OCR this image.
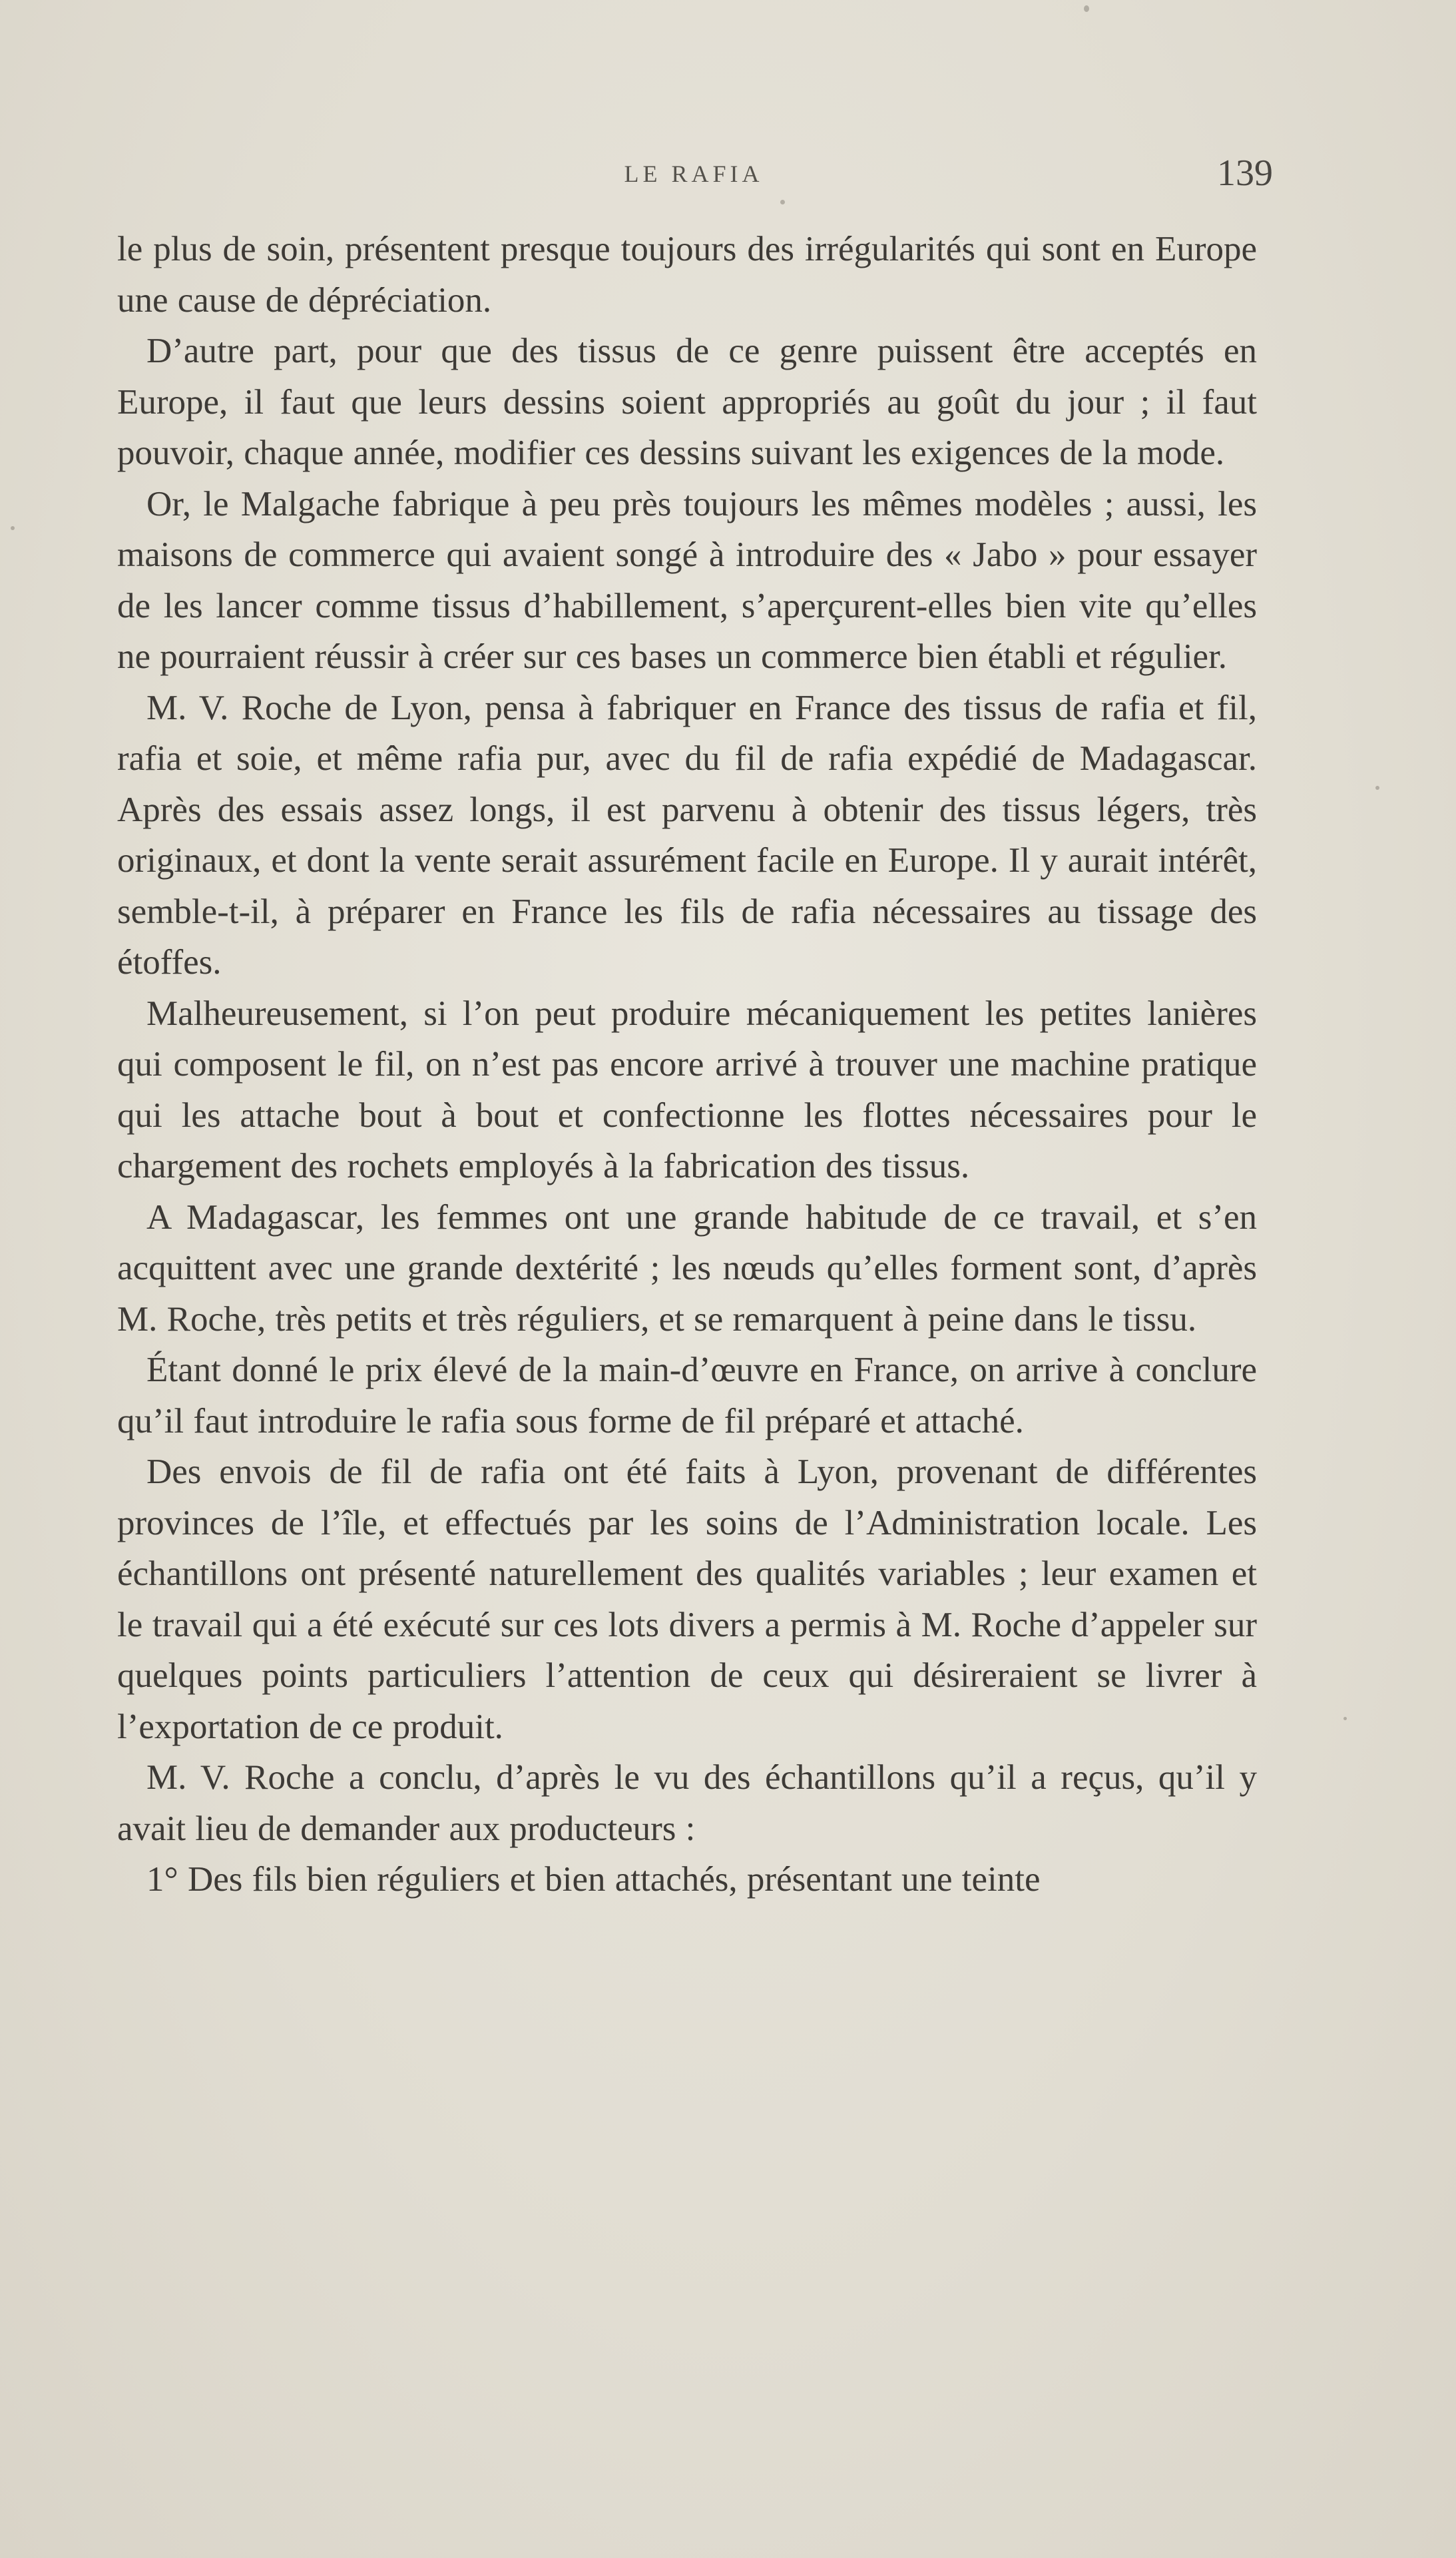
LE RAFIA	139

le plus de soin, présentent presque toujours des irrégularités qui sont en Europe une cause de dépréciation.

D’autre part, pour que des tissus de ce genre puissent être acceptés en Europe, il faut que leurs dessins soient appropriés au goût du jour ; il faut pouvoir, chaque année, modifier ces dessins suivant les exigences de la mode.

Or, le Malgache fabrique à peu près toujours les mêmes modèles ; aussi, les maisons de commerce qui avaient songé à introduire des « Jabo » pour essayer de les lancer comme tissus d’habillement, s’aperçurent-elles bien vite qu’elles ne pourraient réussir à créer sur ces bases un commerce bien établi et régulier.

M. V. Roche de Lyon, pensa à fabriquer en France des tissus de rafia et fil, rafia et soie, et même rafia pur, avec du fil de rafia expédié de Madagascar. Après des essais assez longs, il est parvenu à obtenir des tissus légers, très originaux, et dont la vente serait assurément facile en Europe. Il y aurait intérêt, semble-t-il, à préparer en France les fils de rafia nécessaires au tissage des étoffes.

Malheureusement, si l’on peut produire mécaniquement les petites lanières qui composent le fil, on n’est pas encore arrivé à trouver une machine pratique qui les attache bout à bout et confectionne les flottes nécessaires pour le chargement des rochets employés à la fabrication des tissus.

A Madagascar, les femmes ont une grande habitude de ce travail, et s’en acquittent avec une grande dextérité ; les nœuds qu’elles forment sont, d’après M. Roche, très petits et très réguliers, et se remarquent à peine dans le tissu.

Étant donné le prix élevé de la main-d’œuvre en France, on arrive à conclure qu’il faut introduire le rafia sous forme de fil préparé et attaché.

Des envois de fil de rafia ont été faits à Lyon, provenant de différentes provinces de l’île, et effectués par les soins de l’Administration locale. Les échantillons ont présenté naturellement des qualités variables ; leur examen et le travail qui a été exécuté sur ces lots divers a permis à M. Roche d’appeler sur quelques points particuliers l’attention de ceux qui désireraient se livrer à l’exportation de ce produit.

M. V. Roche a conclu, d’après le vu des échantillons qu’il a reçus, qu’il y avait lieu de demander aux producteurs :

1° Des fils bien réguliers et bien attachés, présentant une teinte
